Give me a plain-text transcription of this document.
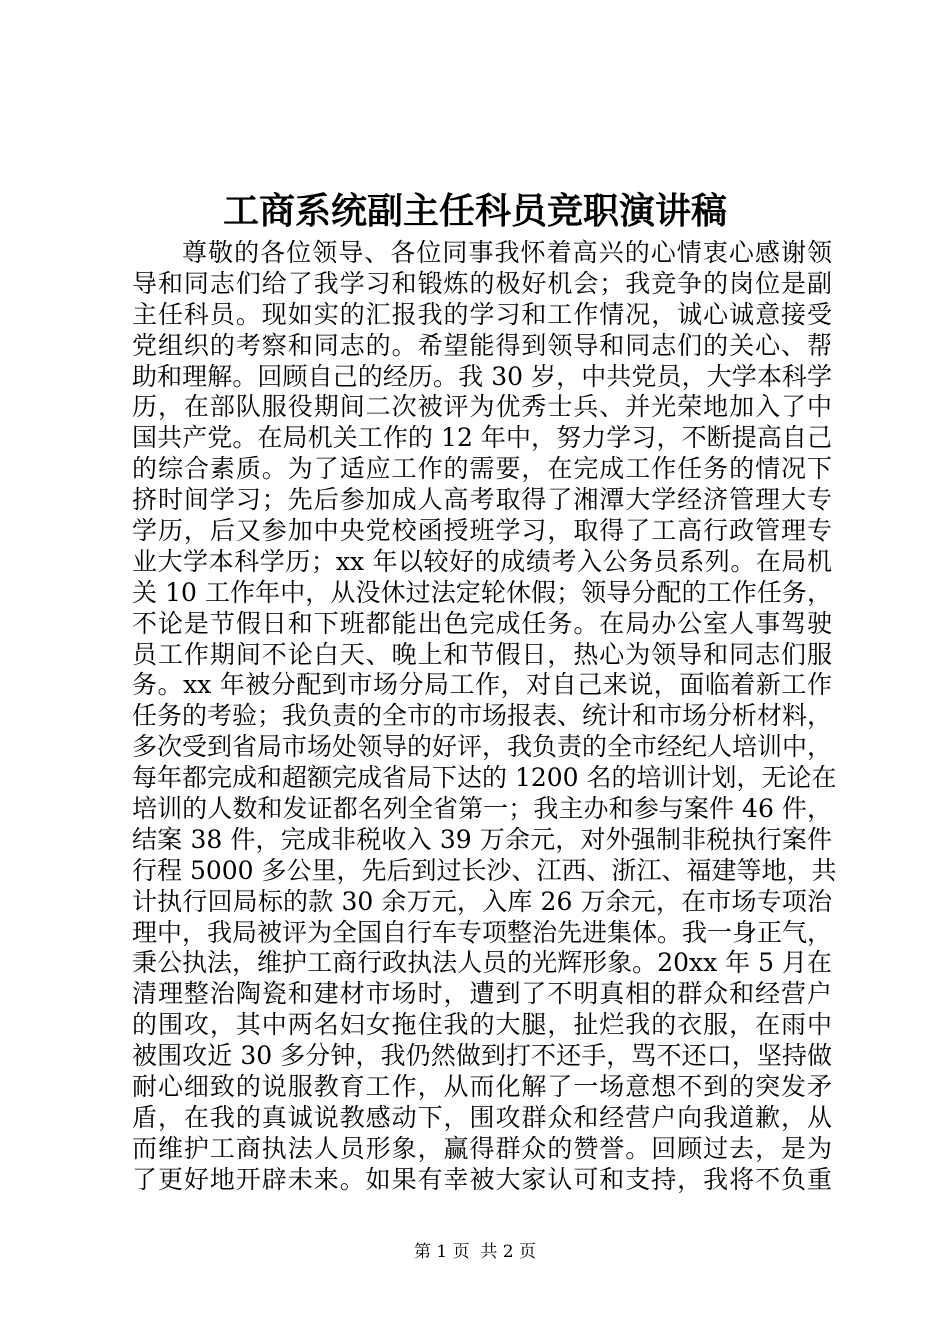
工商系统副主任科员竞职演讲稿
尊敬的各位领导、各位同事我怀着高兴的心情衷心感谢领
导和同志们给了我学习和锻炼的极好机会；我竞争的岗位是副
主任科员。现如实的汇报我的学习和工作情况，诚心诚意接受
党组织的考察和同志的。希望能得到领导和同志们的关心、帮
助和理解。回顾自己的经历。我 30 岁，中共党员，大学本科学
历，在部队服役期间二次被评为优秀士兵、并光荣地加入了中
国共产党。在局机关工作的 12 年中，努力学习，不断提高自己
的综合素质。为了适应工作的需要，在完成工作任务的情况下
挤时间学习；先后参加成人高考取得了湘潭大学经济管理大专
学历，后又参加中央党校函授班学习，取得了工高行政管理专
业大学本科学历；xx 年以较好的成绩考入公务员系列。在局机
关 10 工作年中，从没休过法定轮休假；领导分配的工作任务，
不论是节假日和下班都能出色完成任务。在局办公室人事驾驶
员工作期间不论白天、晚上和节假日，热心为领导和同志们服
务。xx 年被分配到市场分局工作，对自己来说，面临着新工作
任务的考验；我负责的全市的市场报表、统计和市场分析材料，
多次受到省局市场处领导的好评，我负责的全市经纪人培训中，
每年都完成和超额完成省局下达的 1200 名的培训计划，无论在
培训的人数和发证都名列全省第一；我主办和参与案件 46 件，
结案 38 件，完成非税收入 39 万余元，对外强制非税执行案件
行程 5000 多公里，先后到过长沙、江西、浙江、福建等地，共
计执行回局标的款 30 余万元，入库 26 万余元，在市场专项治
理中，我局被评为全国自行车专项整治先进集体。我一身正气，
秉公执法，维护工商行政执法人员的光辉形象。20xx 年 5 月在
清理整治陶瓷和建材市场时，遭到了不明真相的群众和经营户
的围攻，其中两名妇女拖住我的大腿，扯烂我的衣服，在雨中
被围攻近 30 多分钟，我仍然做到打不还手，骂不还口，坚持做
耐心细致的说服教育工作，从而化解了一场意想不到的突发矛
盾，在我的真诚说教感动下，围攻群众和经营户向我道歉，从
而维护工商执法人员形象，赢得群众的赞誉。回顾过去，是为
了更好地开辟未来。如果有幸被大家认可和支持，我将不负重
第 1 页  共 2 页
